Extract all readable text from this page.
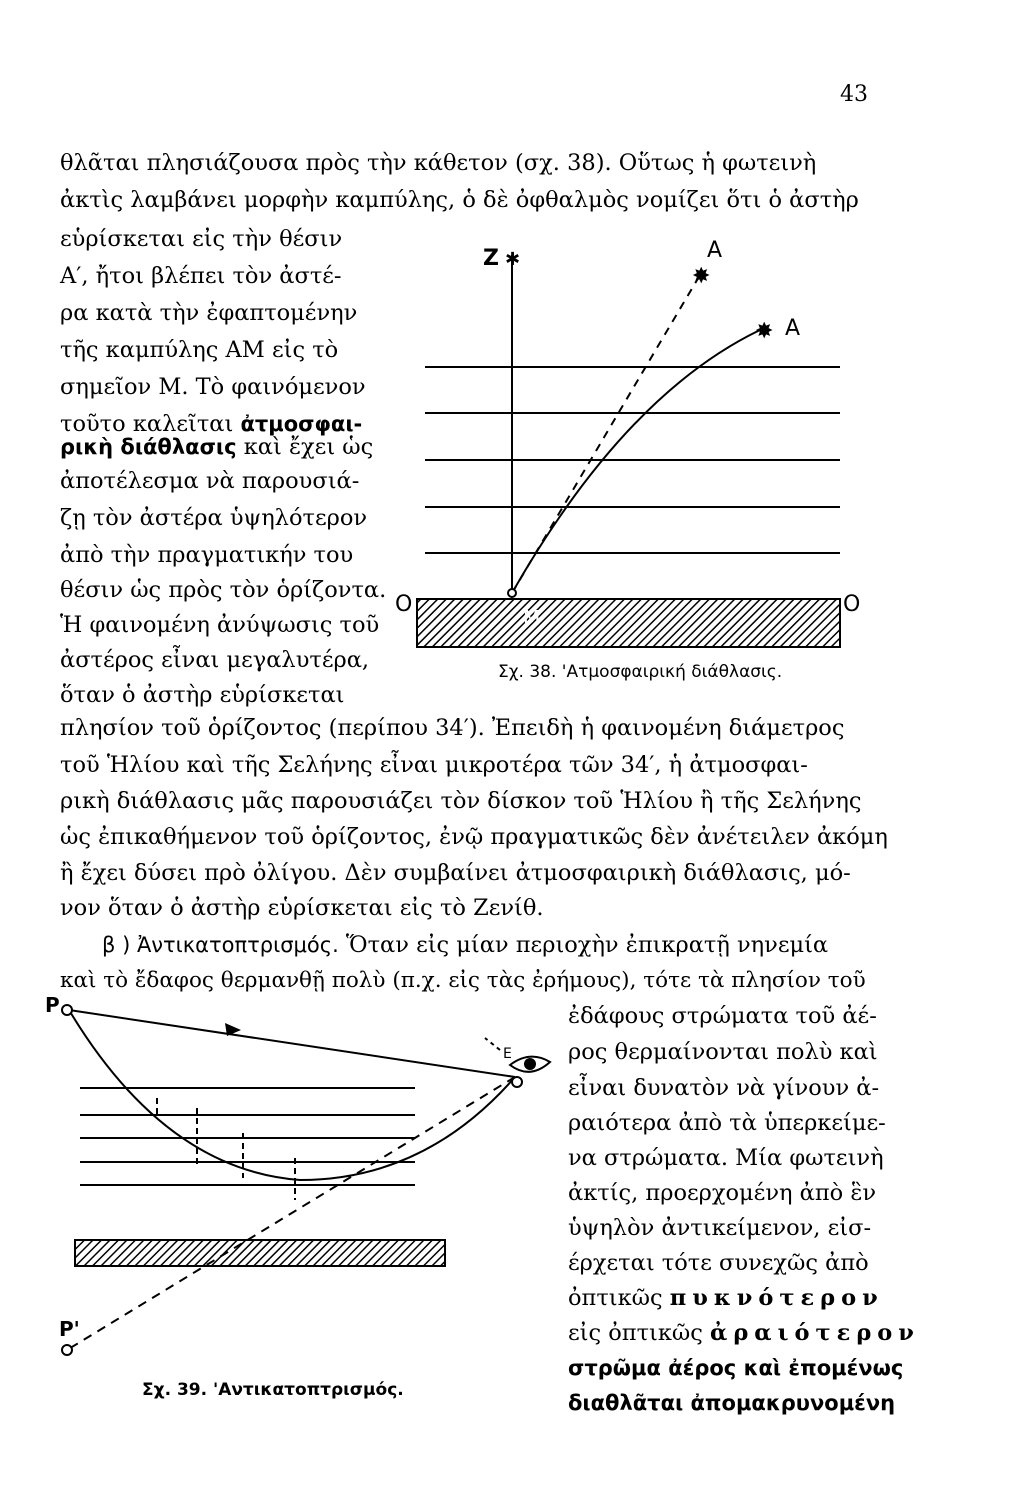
43
θλᾶται πλησιάζουσα πρὸς τὴν κάθετον (σχ. 38). Οὕτως ἡ φωτεινὴ
ἀκτὶς λαμβάνει μορφὴν καμπύλης, ὁ δὲ ὀφθαλμὸς νομίζει ὅτι ὁ ἀστὴρ
εὑρίσκεται εἰς τὴν θέσιν
Α′, ἤτοι βλέπει τὸν ἀστέ-
ρα κατὰ τὴν ἐφαπτομένην
τῆς καμπύλης ΑΜ εἰς τὸ
σημεῖον Μ. Τὸ φαινόμενον
τοῦτο καλεῖται ἀτμοσφαι-
ρικὴ διάθλασις καὶ ἔχει ὡς
ἀποτέλεσμα νὰ παρουσιά-
ζῃ τὸν ἀστέρα ὑψηλότερον
ἀπὸ τὴν πραγματικήν του
θέσιν ὡς πρὸς τὸν ὁρίζοντα.
Ἡ φαινομένη ἀνύψωσις τοῦ
ἀστέρος εἶναι μεγαλυτέρα,
ὅταν ὁ ἀστὴρ εὑρίσκεται
πλησίον τοῦ ὁρίζοντος (περίπου 34′). Ἐπειδὴ ἡ φαινομένη διάμετρος
τοῦ Ἡλίου καὶ τῆς Σελήνης εἶναι μικροτέρα τῶν 34′, ἡ ἀτμοσφαι-
ρικὴ διάθλασις μᾶς παρουσιάζει τὸν δίσκον τοῦ Ἡλίου ἢ τῆς Σελήνης
ὡς ἐπικαθήμενον τοῦ ὁρίζοντος, ἐνῷ πραγματικῶς δὲν ἀνέτειλεν ἀκόμη
ἢ ἔχει δύσει πρὸ ὀλίγου. Δὲν συμβαίνει ἀτμοσφαιρικὴ διάθλασις, μό-
νον ὅταν ὁ ἀστὴρ εὑρίσκεται εἰς τὸ Ζενίθ.
β ) Ἀντικατοπτρισμός. Ὅταν εἰς μίαν περιοχὴν ἐπικρατῇ νηνεμία
καὶ τὸ ἔδαφος θερμανθῇ πολὺ (π.χ. εἰς τὰς ἐρήμους), τότε τὰ πλησίον τοῦ
ἐδάφους στρώματα τοῦ ἀέ-
ρος θερμαίνονται πολὺ καὶ
εἶναι δυνατὸν νὰ γίνουν ἀ-
ραιότερα ἀπὸ τὰ ὑπερκείμε-
να στρώματα. Μία φωτεινὴ
ἀκτίς, προερχομένη ἀπὸ ἓν
ὑψηλὸν ἀντικείμενον, εἰσ-
έρχεται τότε συνεχῶς ἀπὸ
ὀπτικῶς πυκνότερον
εἰς ὀπτικῶς ἀραιότερον
στρῶμα ἀέρος καὶ ἐπομένως
διαθλᾶται ἀπομακρυνομένη
✱
✸
✸
Z	A
A
M
O	O
Σχ. 38. 'Ατμοσφαιρική διάθλασις.
P
P'
E
Σχ. 39. 'Αντικατοπτρισμός.
